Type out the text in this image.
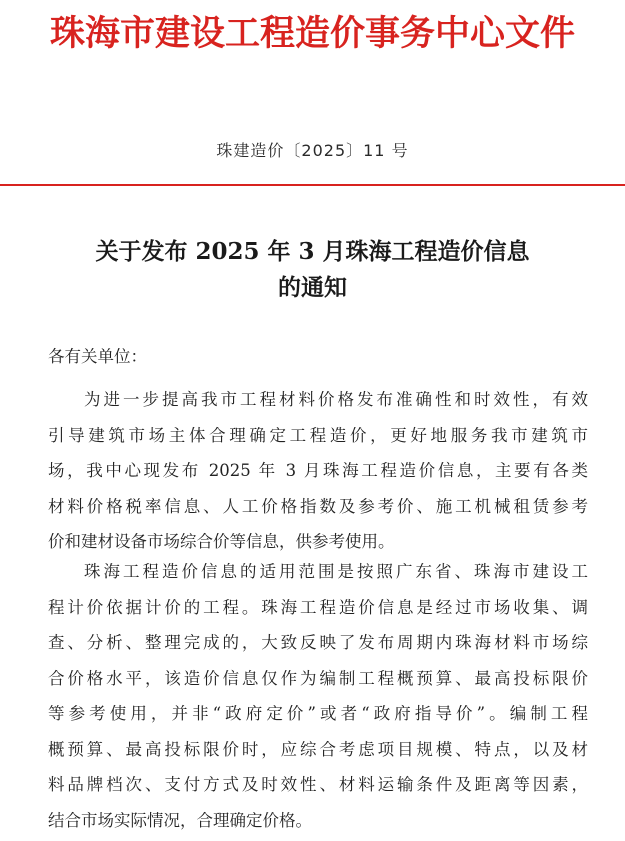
珠海市建设工程造价事务中心文件
珠建造价〔2025〕11 号
关于发布 2025 年 3 月珠海工程造价信息
的通知
各有关单位：
为进一步提高我市工程材料价格发布准确性和时效性，有效
引导建筑市场主体合理确定工程造价，更好地服务我市建筑市
场，我中心现发布 2025 年 3 月珠海工程造价信息，主要有各类
材料价格税率信息、人工价格指数及参考价、施工机械租赁参考
价和建材设备市场综合价等信息，供参考使用。
珠海工程造价信息的适用范围是按照广东省、珠海市建设工
程计价依据计价的工程。珠海工程造价信息是经过市场收集、调
查、分析、整理完成的，大致反映了发布周期内珠海材料市场综
合价格水平，该造价信息仅作为编制工程概预算、最高投标限价
等参考使用，并非“政府定价”或者“政府指导价”。编制工程
概预算、最高投标限价时，应综合考虑项目规模、特点，以及材
料品牌档次、支付方式及时效性、材料运输条件及距离等因素，
结合市场实际情况，合理确定价格。
